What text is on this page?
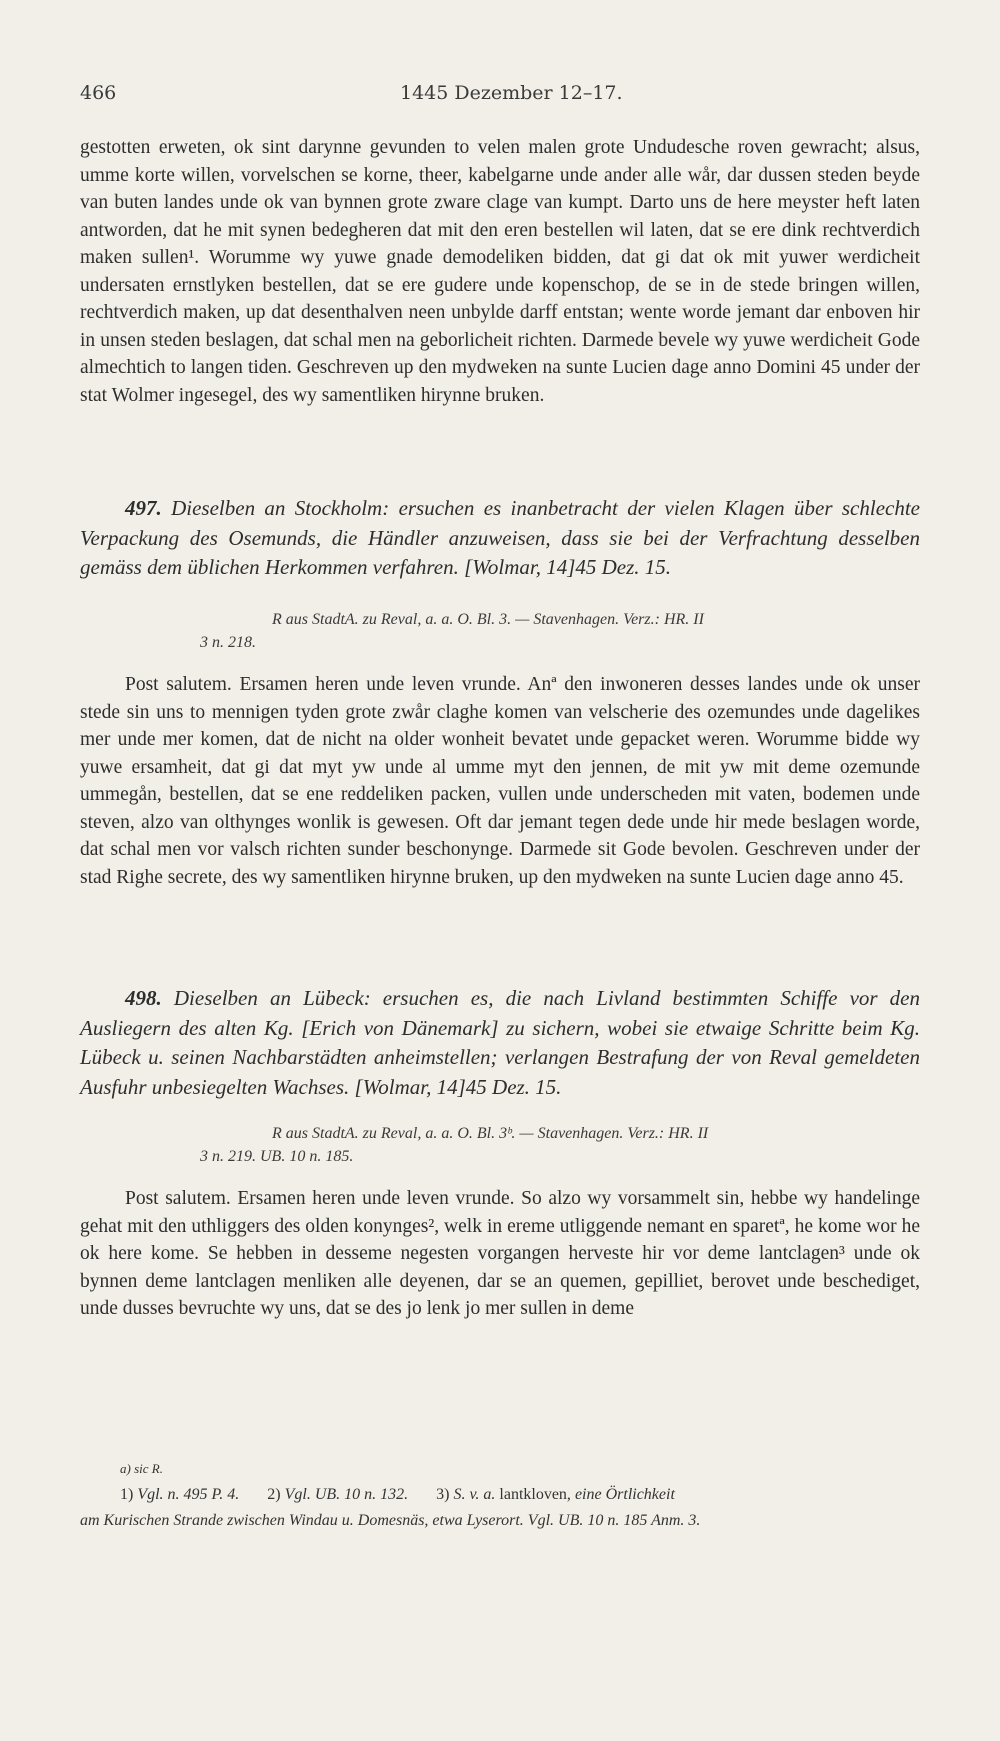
466	1445 Dezember 12–17.
gestotten erweten, ok sint darynne gevunden to velen malen grote Undudesche roven gewracht; alsus, umme korte willen, vorvelschen se korne, theer, kabelgarne unde ander alle wår, dar dussen steden beyde van buten landes unde ok van bynnen grote zware clage van kumpt. Darto uns de here meyster heft laten antworden, dat he mit synen bedegheren dat mit den eren bestellen wil laten, dat se ere dink rechtverdich maken sullen¹. Worumme wy yuwe gnade demodeliken bidden, dat gi dat ok mit yuwer werdicheit undersaten ernstlyken bestellen, dat se ere gudere unde kopenschop, de se in de stede bringen willen, rechtverdich maken, up dat desenthalven neen unbylde darff entstan; wente worde jemant dar enboven hir in unsen steden beslagen, dat schal men na geborlicheit richten. Darmede bevele wy yuwe werdicheit Gode almechtich to langen tiden. Geschreven up den mydweken na sunte Lucien dage anno Domini 45 under der stat Wolmer ingesegel, des wy samentliken hirynne bruken.
497. Dieselben an Stockholm: ersuchen es inanbetracht der vielen Klagen über schlechte Verpackung des Osemunds, die Händler anzuweisen, dass sie bei der Verfrachtung desselben gemäss dem üblichen Herkommen verfahren. [Wolmar, 14]45 Dez. 15.
R aus StadtA. zu Reval, a. a. O. Bl. 3. — Stavenhagen. Verz.: HR. II
3 n. 218.
Post salutem. Ersamen heren unde leven vrunde. Anª den inwoneren desses landes unde ok unser stede sin uns to mennigen tyden grote zwår claghe komen van velscherie des ozemundes unde dagelikes mer unde mer komen, dat de nicht na older wonheit bevatet unde gepacket weren. Worumme bidde wy yuwe ersamheit, dat gi dat myt yw unde al umme myt den jennen, de mit yw mit deme ozemunde ummegån, bestellen, dat se ene reddeliken packen, vullen unde underscheden mit vaten, bodemen unde steven, alzo van olthynges wonlik is gewesen. Oft dar jemant tegen dede unde hir mede beslagen worde, dat schal men vor valsch richten sunder beschonynge. Darmede sit Gode bevolen. Geschreven under der stad Righe secrete, des wy samentliken hirynne bruken, up den mydweken na sunte Lucien dage anno 45.
498. Dieselben an Lübeck: ersuchen es, die nach Livland bestimmten Schiffe vor den Ausliegern des alten Kg. [Erich von Dänemark] zu sichern, wobei sie etwaige Schritte beim Kg. Lübeck u. seinen Nachbarstädten anheimstellen; verlangen Bestrafung der von Reval gemeldeten Ausfuhr unbesiegelten Wachses. [Wolmar, 14]45 Dez. 15.
R aus StadtA. zu Reval, a. a. O. Bl. 3ᵇ. — Stavenhagen. Verz.: HR. II
3 n. 219. UB. 10 n. 185.
Post salutem. Ersamen heren unde leven vrunde. So alzo wy vorsammelt sin, hebbe wy handelinge gehat mit den uthliggers des olden konynges², welk in ereme utliggende nemant en sparetª, he kome wor he ok here kome. Se hebben in desseme negesten vorgangen herveste hir vor deme lantclagen³ unde ok bynnen deme lantclagen menliken alle deyenen, dar se an quemen, gepilliet, berovet unde beschediget, unde dusses bevruchte wy uns, dat se des jo lenk jo mer sullen in deme
a) sic R.
1) Vgl. n. 495 P. 4. 2) Vgl. UB. 10 n. 132. 3) S. v. a. lantkloven, eine Örtlichkeit
am Kurischen Strande zwischen Windau u. Domesnäs, etwa Lyserort. Vgl. UB. 10 n. 185 Anm. 3.
